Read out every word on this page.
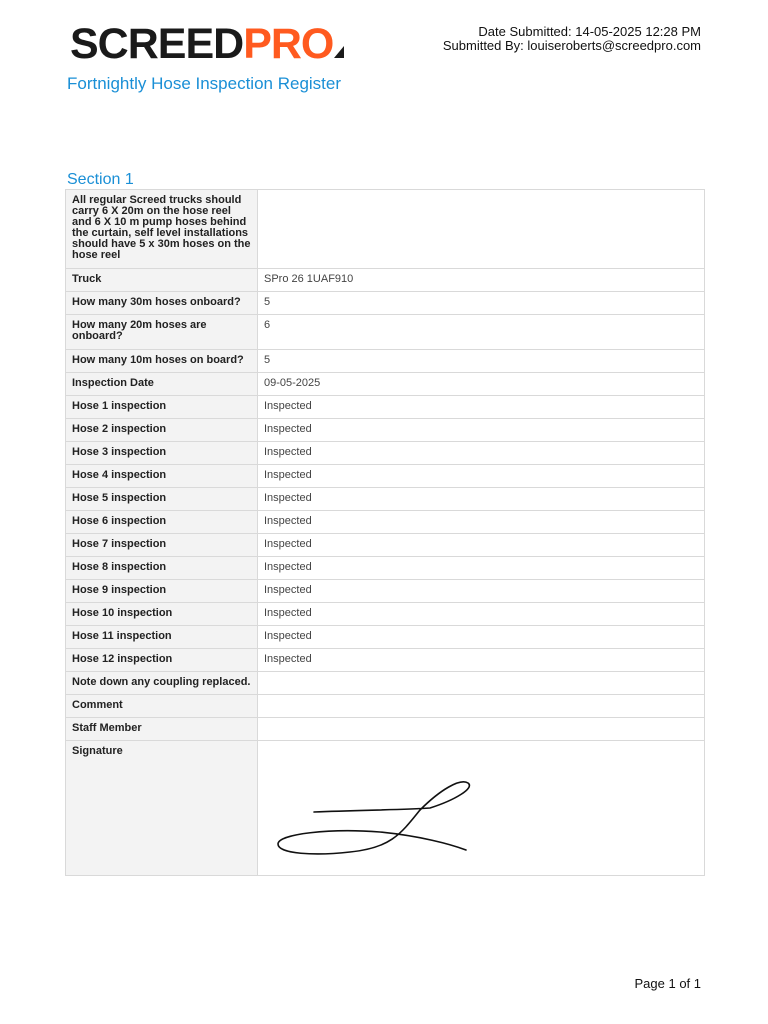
SCREEDPRO	Date Submitted: 14-05-2025 12:28 PM
Submitted By: louiseroberts@screedpro.com
Fortnightly Hose Inspection Register
Section 1
All regular Screed trucks should carry 6 X 20m on the hose reel and 6 X 10 m pump hoses behind the curtain, self level installations should have 5 x 30m hoses on the hose reel	
Truck	SPro 26 1UAF910
How many 30m hoses onboard?	5
How many 20m hoses are onboard?	6
How many 10m hoses on board?	5
Inspection Date	09-05-2025
Hose 1 inspection	Inspected
Hose 2 inspection	Inspected
Hose 3 inspection	Inspected
Hose 4 inspection	Inspected
Hose 5 inspection	Inspected
Hose 6 inspection	Inspected
Hose 7 inspection	Inspected
Hose 8 inspection	Inspected
Hose 9 inspection	Inspected
Hose 10 inspection	Inspected
Hose 11 inspection	Inspected
Hose 12 inspection	Inspected
Note down any coupling replaced.	
Comment	
Staff Member	
Signature	
Page 1 of 1
